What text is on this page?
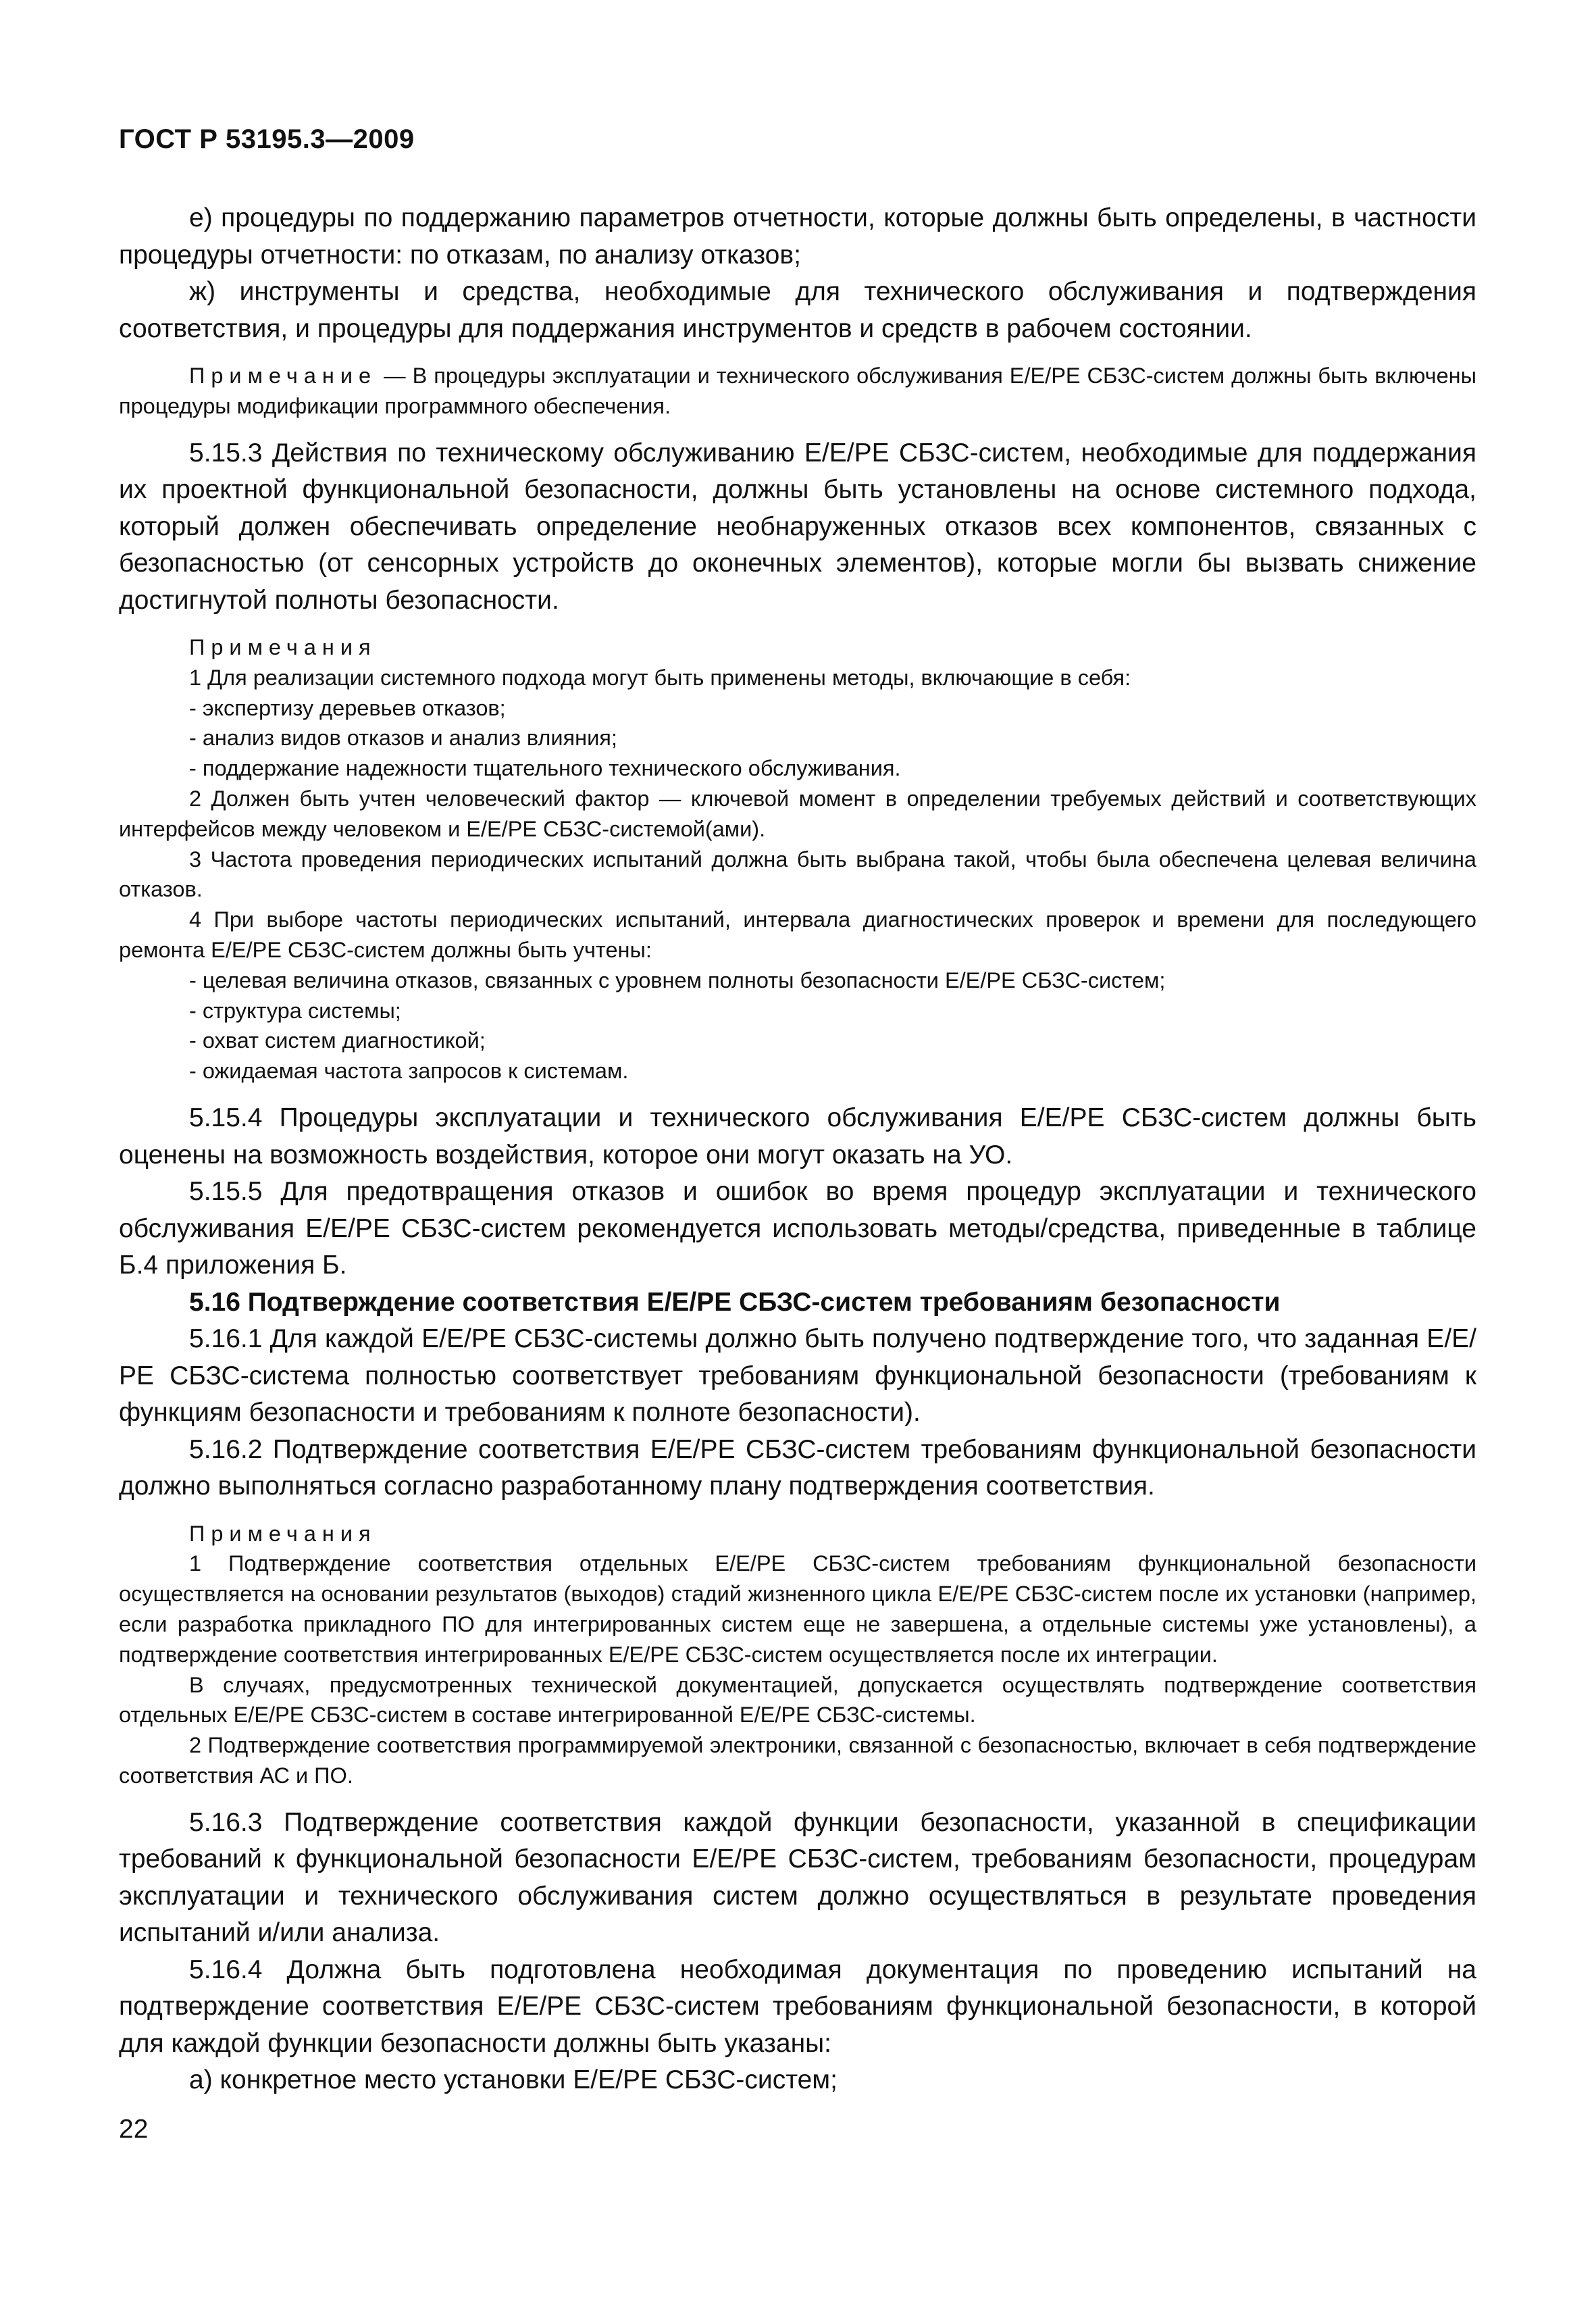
ГОСТ Р 53195.3—2009

е) процедуры по поддержанию параметров отчетности, которые должны быть определены, в частности процедуры отчетности: по отказам, по анализу отказов;

ж) инструменты и средства, необходимые для технического обслуживания и подтверждения соответствия, и процедуры для поддержания инструментов и средств в рабочем состоянии.

Примечание — В процедуры эксплуатации и технического обслуживания Е/Е/РЕ СБЗС-систем должны быть включены процедуры модификации программного обеспечения.

5.15.3 Действия по техническому обслуживанию Е/Е/РЕ СБЗС-систем, необходимые для поддержания их проектной функциональной безопасности, должны быть установлены на основе системного подхода, который должен обеспечивать определение необнаруженных отказов всех компонентов, связанных с безопасностью (от сенсорных устройств до оконечных элементов), которые могли бы вызвать снижение достигнутой полноты безопасности.

Примечания

1 Для реализации системного подхода могут быть применены методы, включающие в себя:

- экспертизу деревьев отказов;

- анализ видов отказов и анализ влияния;

- поддержание надежности тщательного технического обслуживания.

2 Должен быть учтен человеческий фактор — ключевой момент в определении требуемых действий и соответствующих интерфейсов между человеком и Е/Е/РЕ СБЗС-системой(ами).

3 Частота проведения периодических испытаний должна быть выбрана такой, чтобы была обеспечена целевая величина отказов.

4 При выборе частоты периодических испытаний, интервала диагностических проверок и времени для последующего ремонта Е/Е/РЕ СБЗС-систем должны быть учтены:

- целевая величина отказов, связанных с уровнем полноты безопасности Е/Е/РЕ СБЗС-систем;

- структура системы;

- охват систем диагностикой;

- ожидаемая частота запросов к системам.

5.15.4 Процедуры эксплуатации и технического обслуживания Е/Е/РЕ СБЗС-систем должны быть оценены на возможность воздействия, которое они могут оказать на УО.

5.15.5 Для предотвращения отказов и ошибок во время процедур эксплуатации и технического обслуживания Е/Е/РЕ СБЗС-систем рекомендуется использовать методы/средства, приведенные в таблице Б.4 приложения Б.

5.16 Подтверждение соответствия Е/Е/РЕ СБЗС-систем требованиям безопасности

5.16.1 Для каждой Е/Е/РЕ СБЗС-системы должно быть получено подтверждение того, что заданная Е/Е/РЕ СБЗС-система полностью соответствует требованиям функциональной безопасности (требованиям к функциям безопасности и требованиям к полноте безопасности).

5.16.2 Подтверждение соответствия Е/Е/РЕ СБЗС-систем требованиям функциональной безопасности должно выполняться согласно разработанному плану подтверждения соответствия.

Примечания

1 Подтверждение соответствия отдельных Е/Е/РЕ СБЗС-систем требованиям функциональной безопасности осуществляется на основании результатов (выходов) стадий жизненного цикла Е/Е/РЕ СБЗС-систем после их установки (например, если разработка прикладного ПО для интегрированных систем еще не завершена, а отдельные системы уже установлены), а подтверждение соответствия интегрированных Е/Е/РЕ СБЗС-систем осуществляется после их интеграции.

В случаях, предусмотренных технической документацией, допускается осуществлять подтверждение соответствия отдельных Е/Е/РЕ СБЗС-систем в составе интегрированной Е/Е/РЕ СБЗС-системы.

2 Подтверждение соответствия программируемой электроники, связанной с безопасностью, включает в себя подтверждение соответствия АС и ПО.

5.16.3 Подтверждение соответствия каждой функции безопасности, указанной в спецификации требований к функциональной безопасности Е/Е/РЕ СБЗС-систем, требованиям безопасности, процедурам эксплуатации и технического обслуживания систем должно осуществляться в результате проведения испытаний и/или анализа.

5.16.4 Должна быть подготовлена необходимая документация по проведению испытаний на подтверждение соответствия Е/Е/РЕ СБЗС-систем требованиям функциональной безопасности, в которой для каждой функции безопасности должны быть указаны:

а) конкретное место установки Е/Е/РЕ СБЗС-систем;

22
